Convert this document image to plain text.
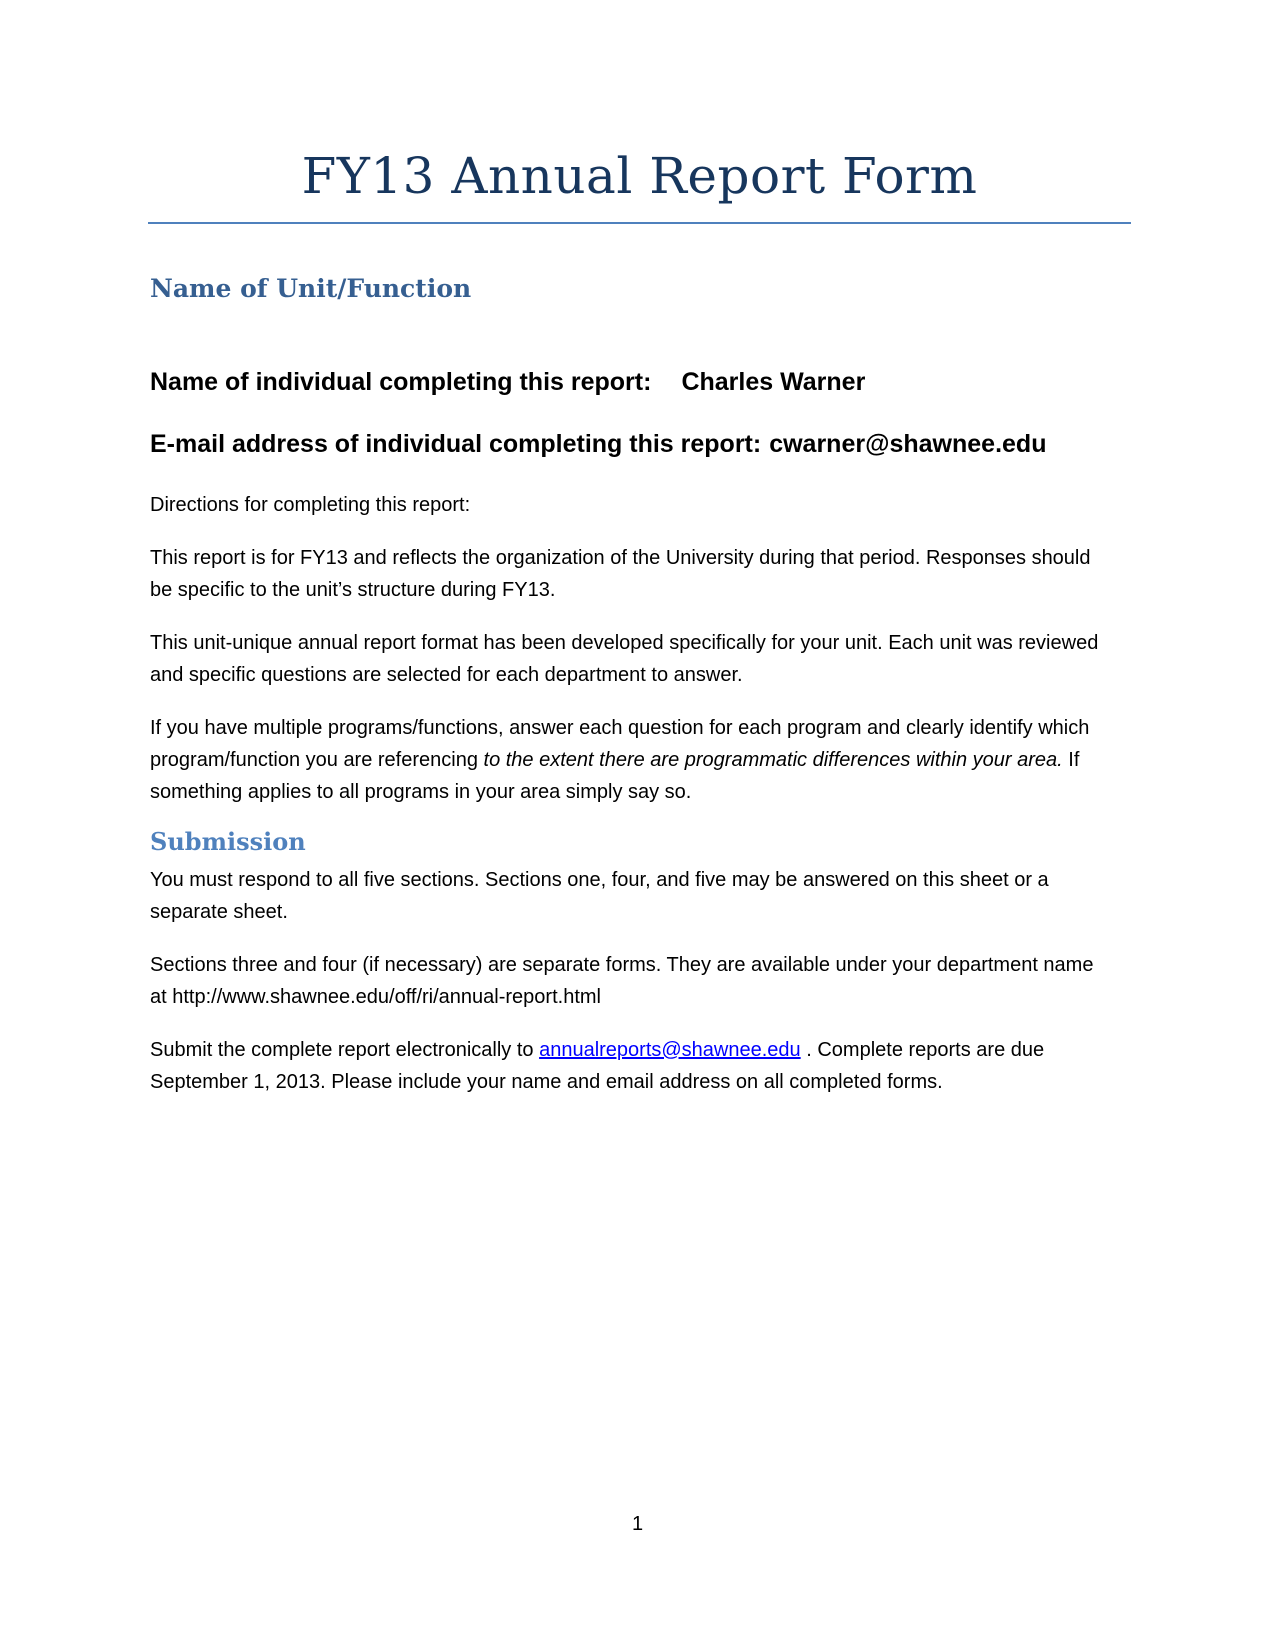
FY13 Annual Report Form
Name of Unit/Function
Name of individual completing this report: Charles Warner
E-mail address of individual completing this report: cwarner@shawnee.edu
Directions for completing this report:
This report is for FY13 and reflects the organization of the University during that period. Responses should be specific to the unit’s structure during FY13.
This unit-unique annual report format has been developed specifically for your unit. Each unit was reviewed and specific questions are selected for each department to answer.
If you have multiple programs/functions, answer each question for each program and clearly identify which program/function you are referencing to the extent there are programmatic differences within your area. If something applies to all programs in your area simply say so.
Submission
You must respond to all five sections. Sections one, four, and five may be answered on this sheet or a separate sheet.
Sections three and four (if necessary) are separate forms. They are available under your department name at http://www.shawnee.edu/off/ri/annual-report.html
Submit the complete report electronically to annualreports@shawnee.edu . Complete reports are due September 1, 2013. Please include your name and email address on all completed forms.
1
